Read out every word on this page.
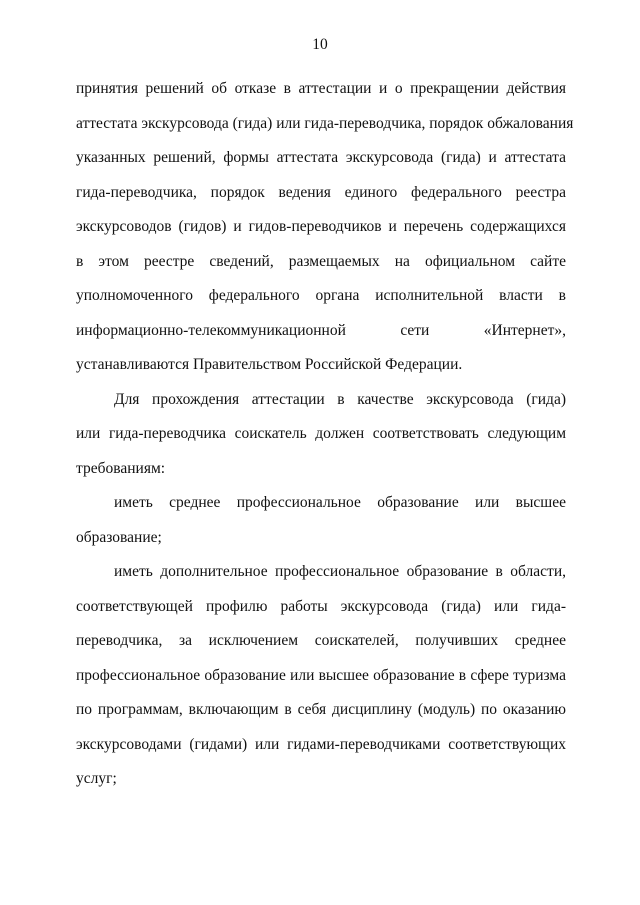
10
принятия решений об отказе в аттестации и о прекращении действия
аттестата экскурсовода (гида) или гида-переводчика, порядок обжалования
указанных решений, формы аттестата экскурсовода (гида) и аттестата
гида-переводчика, порядок ведения единого федерального реестра
экскурсоводов (гидов) и гидов-переводчиков и перечень содержащихся
в этом реестре сведений, размещаемых на официальном сайте
уполномоченного федерального органа исполнительной власти в
информационно-телекоммуникационной сети «Интернет»,
устанавливаются Правительством Российской Федерации.
Для прохождения аттестации в качестве экскурсовода (гида)
или гида-переводчика соискатель должен соответствовать следующим
требованиям:
иметь среднее профессиональное образование или высшее
образование;
иметь дополнительное профессиональное образование в области,
соответствующей профилю работы экскурсовода (гида) или гида-
переводчика, за исключением соискателей, получивших среднее
профессиональное образование или высшее образование в сфере туризма
по программам, включающим в себя дисциплину (модуль) по оказанию
экскурсоводами (гидами) или гидами-переводчиками соответствующих
услуг;
